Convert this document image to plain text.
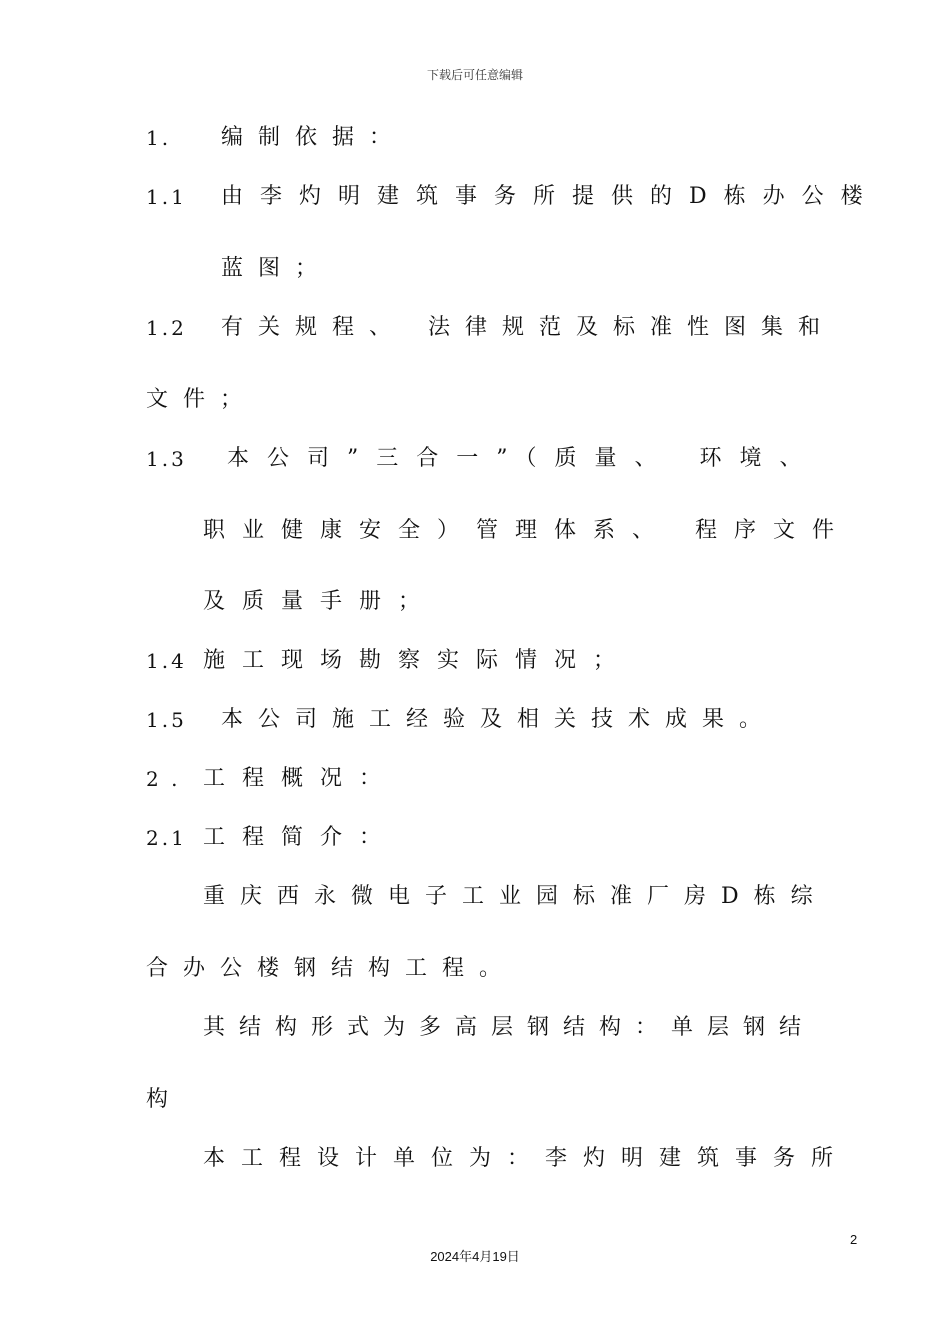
下载后可任意编辑
1. 编制依据：
1.1 由李灼明建筑事务所提供的D栋办公楼
蓝图；
1.2 有关规程、 法律规范及标准性图集和
文件；
1.3 本公司”三合一”（质量、 环境、
职业健康安全）管理体系、 程序文件
及质量手册；
1.4 施工现场勘察实际情况；
1.5 本公司施工经验及相关技术成果。
2 . 工程概况：
2.1 工程简介：
重庆西永微电子工业园标准厂房D栋综
合办公楼钢结构工程。
其结构形式为多高层钢结构：单层钢结
构
本工程设计单位为：李灼明建筑事务所
2
2024年4月19日
